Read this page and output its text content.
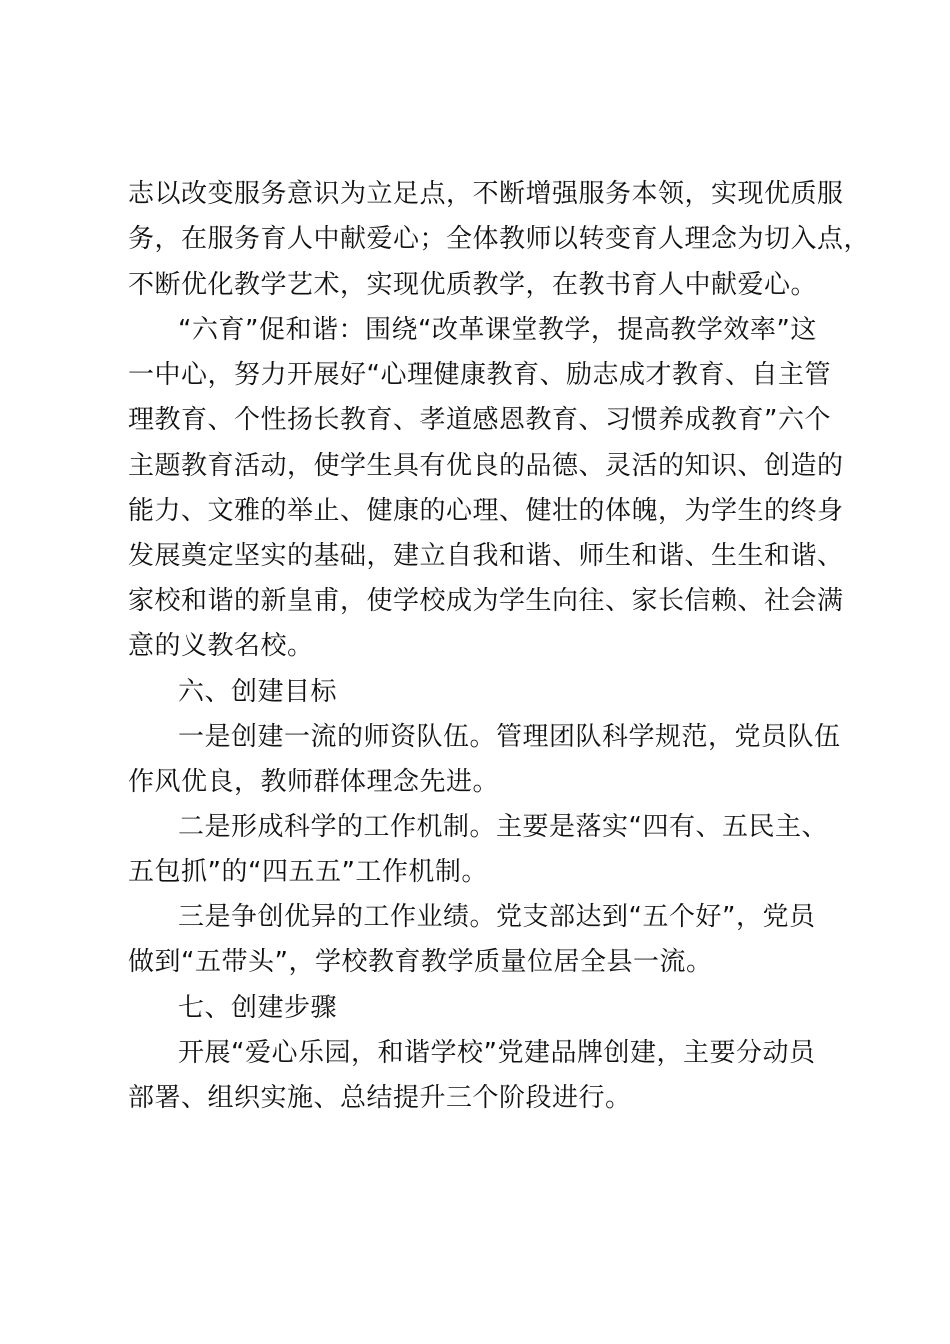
志以改变服务意识为立足点，不断增强服务本领，实现优质服
务，在服务育人中献爱心；全体教师以转变育人理念为切入点，
不断优化教学艺术，实现优质教学，在教书育人中献爱心。
“六育”促和谐：围绕“改革课堂教学，提高教学效率”这
一中心，努力开展好“心理健康教育、励志成才教育、自主管
理教育、个性扬长教育、孝道感恩教育、习惯养成教育”六个
主题教育活动，使学生具有优良的品德、灵活的知识、创造的
能力、文雅的举止、健康的心理、健壮的体魄，为学生的终身
发展奠定坚实的基础，建立自我和谐、师生和谐、生生和谐、
家校和谐的新皇甫，使学校成为学生向往、家长信赖、社会满
意的义教名校。
六、创建目标
一是创建一流的师资队伍。管理团队科学规范，党员队伍
作风优良，教师群体理念先进。
二是形成科学的工作机制。主要是落实“四有、五民主、
五包抓”的“四五五”工作机制。
三是争创优异的工作业绩。党支部达到“五个好”，党员
做到“五带头”，学校教育教学质量位居全县一流。
七、创建步骤
开展“爱心乐园，和谐学校”党建品牌创建，主要分动员
部署、组织实施、总结提升三个阶段进行。
